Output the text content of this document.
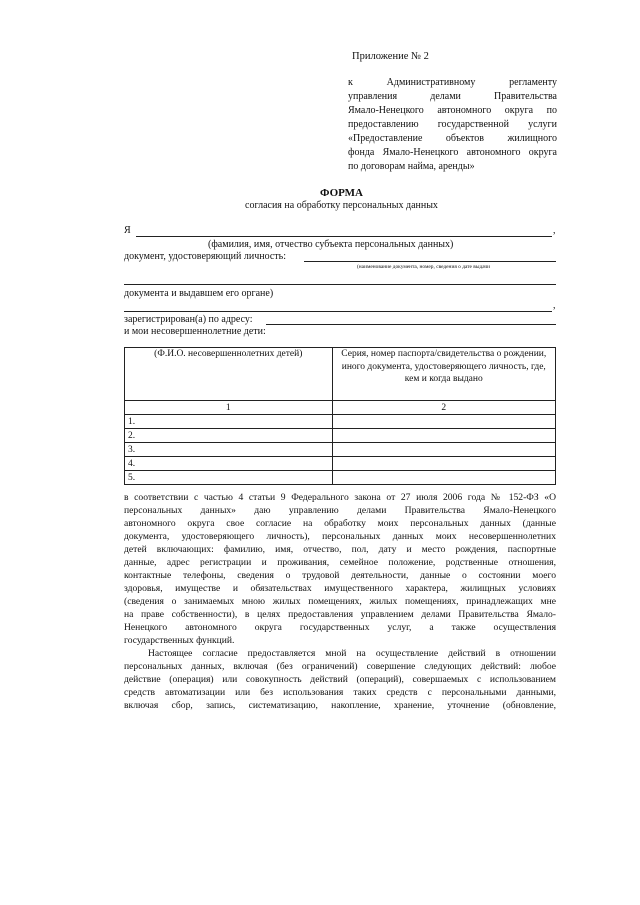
Приложение № 2
к Административному регламенту
управления делами Правительства
Ямало-Ненецкого автономного округа по
предоставлению государственной услуги
«Предоставление объектов жилищного
фонда Ямало-Ненецкого автономного округа
по договорам найма, аренды»
ФОРМА
согласия на обработку персональных данных
Я	,
(фамилия, имя, отчество субъекта персональных данных)
документ, удостоверяющий личность:
(наименование документа, номер, сведения о дате выдачи
документа и выдавшем его органе)
,
зарегистрирован(а) по адресу:
и мои несовершеннолетние дети:
(Ф.И.О. несовершеннолетних детей)	Серия, номер паспорта/свидетельства о рождении, иного документа, удостоверяющего личность, где, кем и когда выдано
1	2
1.	
2.	
3.	
4.	
5.	
в соответствии с частью 4 статьи 9 Федерального закона от 27 июля 2006 года № 152-ФЗ «О
персональных данных» даю управлению делами Правительства Ямало-Ненецкого
автономного округа свое согласие на обработку моих персональных данных (данные
документа, удостоверяющего личность), персональных данных моих несовершеннолетних
детей включающих: фамилию, имя, отчество, пол, дату и место рождения, паспортные
данные, адрес регистрации и проживания, семейное положение, родственные отношения,
контактные телефоны, сведения о трудовой деятельности, данные о состоянии моего
здоровья, имуществе и обязательствах имущественного характера, жилищных условиях
(сведения о занимаемых мною жилых помещениях, жилых помещениях, принадлежащих мне
на праве собственности), в целях предоставления управлением делами Правительства Ямало-
Ненецкого автономного округа государственных услуг, а также осуществления
государственных функций.
Настоящее согласие предоставляется мной на осуществление действий в отношении
персональных данных, включая (без ограничений) совершение следующих действий: любое
действие (операция) или совокупность действий (операций), совершаемых с использованием
средств автоматизации или без использования таких средств с персональными данными,
включая сбор, запись, систематизацию, накопление, хранение, уточнение (обновление,
